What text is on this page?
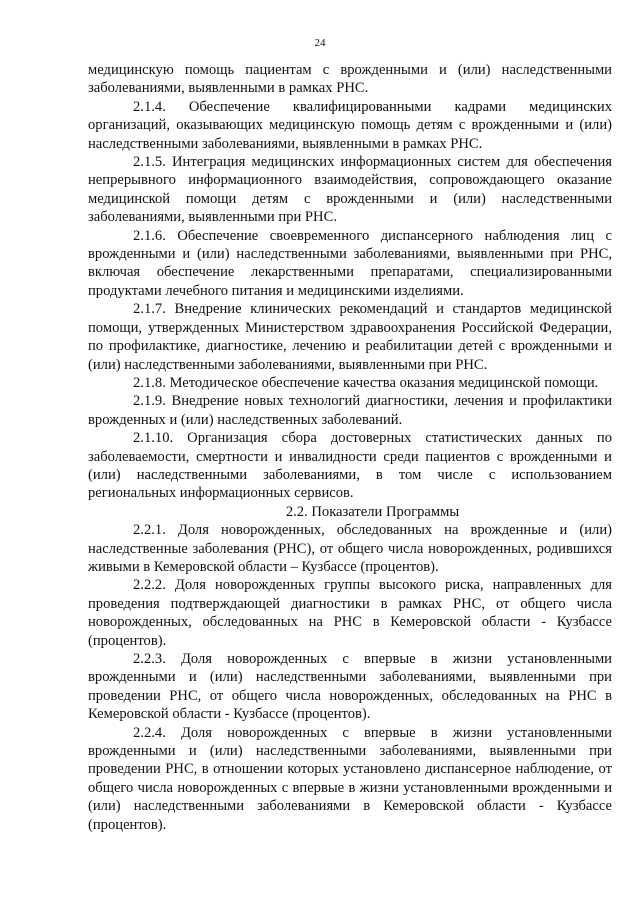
24

медицинскую помощь пациентам с врожденными и (или) наследственными заболеваниями, выявленными в рамках РНС.

2.1.4. Обеспечение квалифицированными кадрами медицинских организаций, оказывающих медицинскую помощь детям с врожденными и (или) наследственными заболеваниями, выявленными в рамках РНС.

2.1.5. Интеграция медицинских информационных систем для обеспечения непрерывного информационного взаимодействия, сопровождающего оказание медицинской помощи детям с врожденными и (или) наследственными заболеваниями, выявленными при РНС.

2.1.6. Обеспечение своевременного диспансерного наблюдения лиц с врожденными и (или) наследственными заболеваниями, выявленными при РНС, включая обеспечение лекарственными препаратами, специализированными продуктами лечебного питания и медицинскими изделиями.

2.1.7. Внедрение клинических рекомендаций и стандартов медицинской помощи, утвержденных Министерством здравоохранения Российской Федерации, по профилактике, диагностике, лечению и реабилитации детей с врожденными и (или) наследственными заболеваниями, выявленными при РНС.

2.1.8. Методическое обеспечение качества оказания медицинской помощи.

2.1.9. Внедрение новых технологий диагностики, лечения и профилактики врожденных и (или) наследственных заболеваний.

2.1.10. Организация сбора достоверных статистических данных по заболеваемости, смертности и инвалидности среди пациентов с врожденными и (или) наследственными заболеваниями, в том числе с использованием региональных информационных сервисов.

2.2. Показатели Программы

2.2.1. Доля новорожденных, обследованных на врожденные и (или) наследственные заболевания (РНС), от общего числа новорожденных, родившихся живыми в Кемеровской области – Кузбассе (процентов).

2.2.2. Доля новорожденных группы высокого риска, направленных для проведения подтверждающей диагностики в рамках РНС, от общего числа новорожденных, обследованных на РНС в Кемеровской области - Кузбассе (процентов).

2.2.3. Доля новорожденных с впервые в жизни установленными врожденными и (или) наследственными заболеваниями, выявленными при проведении РНС, от общего числа новорожденных, обследованных на РНС в Кемеровской области - Кузбассе (процентов).

2.2.4. Доля новорожденных с впервые в жизни установленными врожденными и (или) наследственными заболеваниями, выявленными при проведении РНС, в отношении которых установлено диспансерное наблюдение, от общего числа новорожденных с впервые в жизни установленными врожденными и (или) наследственными заболеваниями в Кемеровской области - Кузбассе (процентов).
